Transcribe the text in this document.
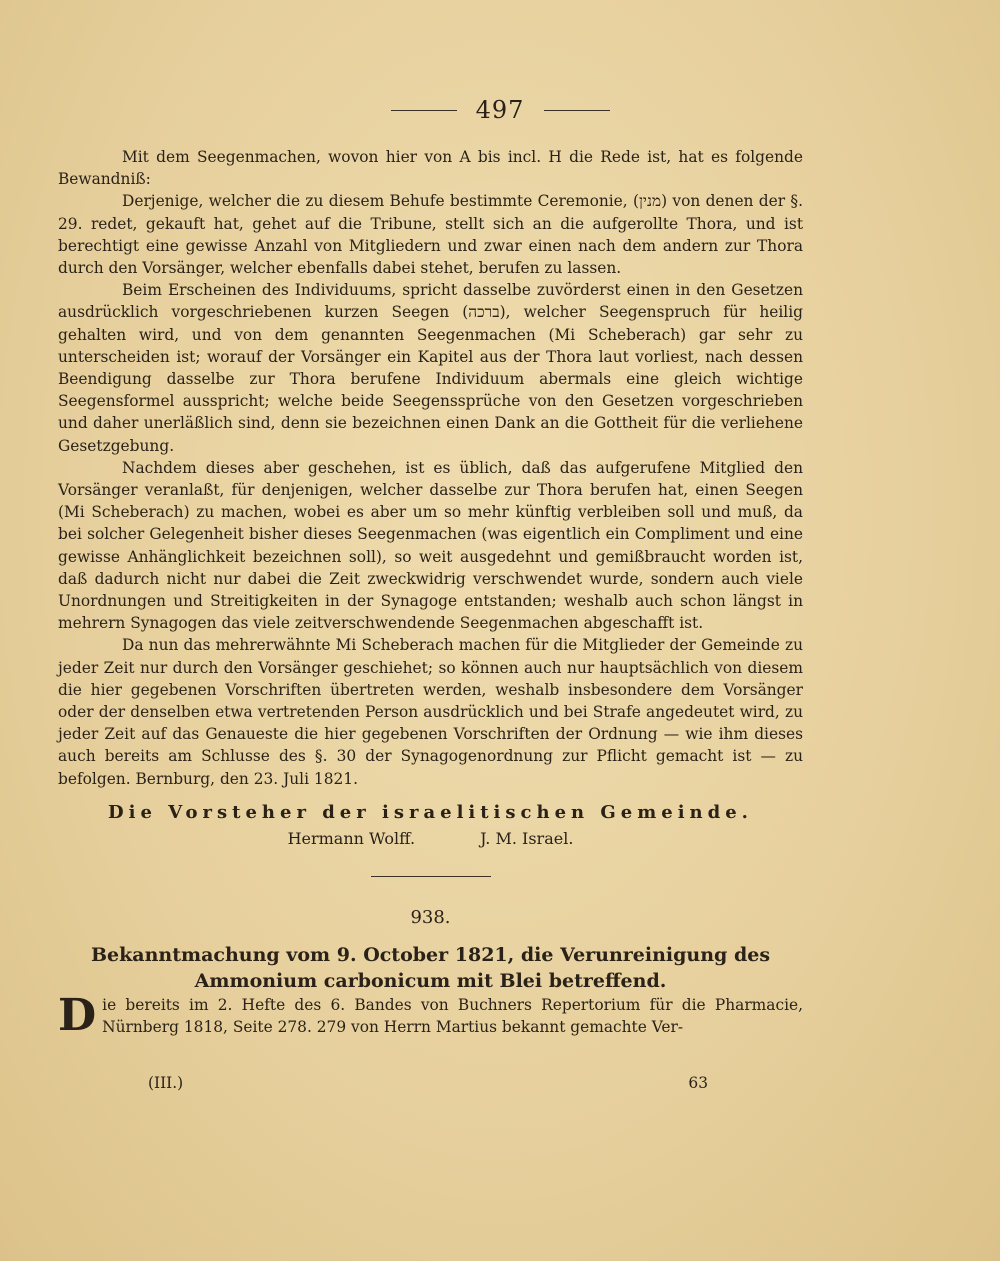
497

Mit dem Seegenmachen, wovon hier von A bis incl. H die Rede ist, hat es folgende Bewandniß:

Derjenige, welcher die zu diesem Behufe bestimmte Ceremonie, (מנין) von denen der §. 29. redet, gekauft hat, gehet auf die Tribune, stellt sich an die aufgerollte Thora, und ist berechtigt eine gewisse Anzahl von Mitgliedern und zwar einen nach dem andern zur Thora durch den Vorsänger, welcher ebenfalls dabei stehet, berufen zu lassen.

Beim Erscheinen des Individuums, spricht dasselbe zuvörderst einen in den Gesetzen ausdrücklich vorgeschriebenen kurzen Seegen (ברכה), welcher Seegenspruch für heilig gehalten wird, und von dem genannten Seegenmachen (Mi Scheberach) gar sehr zu unterscheiden ist; worauf der Vorsänger ein Kapitel aus der Thora laut vorliest, nach dessen Beendigung dasselbe zur Thora berufene Individuum abermals eine gleich wichtige Seegensformel ausspricht; welche beide Seegenssprüche von den Gesetzen vorgeschrieben und daher unerläßlich sind, denn sie bezeichnen einen Dank an die Gottheit für die verliehene Gesetzgebung.

Nachdem dieses aber geschehen, ist es üblich, daß das aufgerufene Mitglied den Vorsänger veranlaßt, für denjenigen, welcher dasselbe zur Thora berufen hat, einen Seegen (Mi Scheberach) zu machen, wobei es aber um so mehr künftig verbleiben soll und muß, da bei solcher Gelegenheit bisher dieses Seegenmachen (was eigentlich ein Compliment und eine gewisse Anhänglichkeit bezeichnen soll), so weit ausgedehnt und gemißbraucht worden ist, daß dadurch nicht nur dabei die Zeit zweckwidrig verschwendet wurde, sondern auch viele Unordnungen und Streitigkeiten in der Synagoge entstanden; weshalb auch schon längst in mehrern Synagogen das viele zeitverschwendende Seegenmachen abgeschafft ist.

Da nun das mehrerwähnte Mi Scheberach machen für die Mitglieder der Gemeinde zu jeder Zeit nur durch den Vorsänger geschiehet; so können auch nur hauptsächlich von diesem die hier gegebenen Vorschriften übertreten werden, weshalb insbesondere dem Vorsänger oder der denselben etwa vertretenden Person ausdrücklich und bei Strafe angedeutet wird, zu jeder Zeit auf das Genaueste die hier gegebenen Vorschriften der Ordnung — wie ihm dieses auch bereits am Schlusse des §. 30 der Synagogenordnung zur Pflicht gemacht ist — zu befolgen. Bernburg, den 23. Juli 1821.

Die Vorsteher der israelitischen Gemeinde.
Hermann Wolff.	J. M. Israel.
938.
Bekanntmachung vom 9. October 1821, die Verunreinigung des Ammonium carbonicum mit Blei betreffend.

Die bereits im 2. Hefte des 6. Bandes von Buchners Repertorium für die Pharmacie, Nürnberg 1818, Seite 278. 279 von Herrn Martius bekannt gemachte Ver-

(III.)	63
